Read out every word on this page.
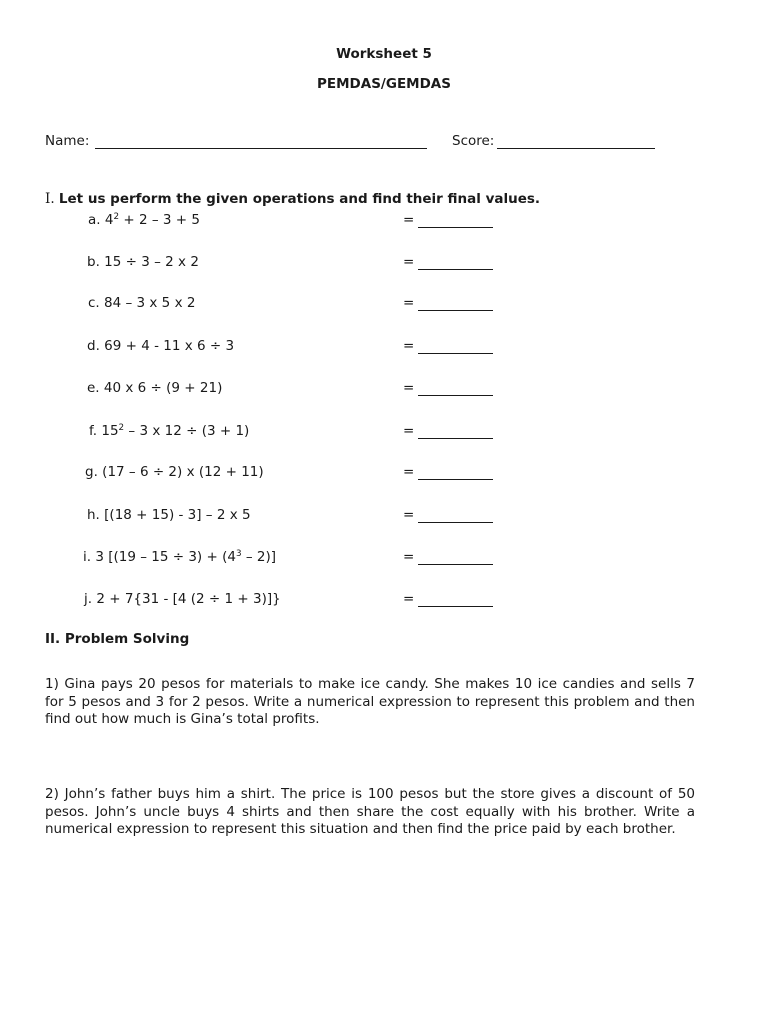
Worksheet 5
PEMDAS/GEMDAS
Name:	Score:
I. Let us perform the given operations and find their final values.
a. $4^2 + 2 - 3 + 5$	=
b. 15 ÷ 3 – 2 x 2	=
c. 84 – 3 x 5 x 2	=
d. 69 + 4 - 11 x 6 ÷ 3	=
e. 40 x 6 ÷ (9 + 21)	=
f. $15^2 - 3$ x 12 ÷ (3 + 1)	=
g. (17 – 6 ÷ 2) x (12 + 11)	=
h. [(18 + 15) - 3] – 2 x 5	=
i. 3 $[(19 - 15 \div 3) + (4^3 - 2)]$	=
j. 2 + 7{31 - [4 (2 ÷ 1 + 3)]}	=
II. Problem Solving
1) Gina pays 20 pesos for materials to make ice candy. She makes 10 ice candies and sells 7 for 5 pesos and 3 for 2 pesos. Write a numerical expression to represent this problem and then find out how much is Gina’s total profits.
2) John’s father buys him a shirt. The price is 100 pesos but the store gives a discount of 50 pesos. John’s uncle buys 4 shirts and then share the cost equally with his brother. Write a numerical expression to represent this situation and then find the price paid by each brother.
